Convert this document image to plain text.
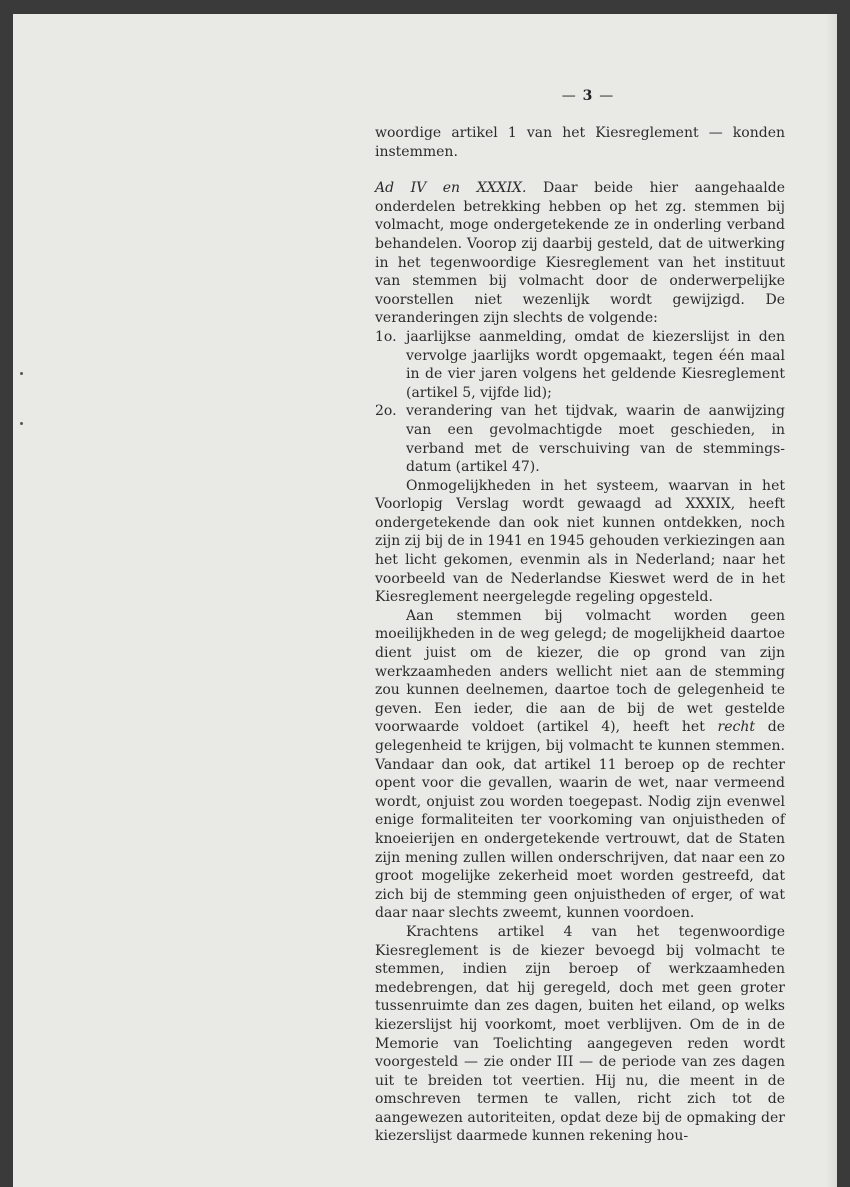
— 3 —

woordige artikel 1 van het Kiesreglement — konden instemmen.

Ad IV en XXXIX. Daar beide hier aangehaalde onderdelen betrekking hebben op het zg. stemmen bij volmacht, moge ondergetekende ze in onderling verband behandelen. Voorop zij daarbij gesteld, dat de uitwerking in het tegenwoordige Kiesreglement van het instituut van stemmen bij volmacht door de onderwerpelijke voorstellen niet wezenlijk wordt gewijzigd. De veranderingen zijn slechts de volgende:

1o. jaarlijkse aanmelding, omdat de kiezerslijst in den vervolge jaarlijks wordt opgemaakt, tegen één maal in de vier jaren volgens het geldende Kiesreglement (artikel 5, vijfde lid);
2o. verandering van het tijdvak, waarin de aanwijzing van een gevolmachtigde moet geschieden, in verband met de verschuiving van de stemmings-datum (artikel 47).

Onmogelijkheden in het systeem, waarvan in het Voorlopig Verslag wordt gewaagd ad XXXIX, heeft ondergetekende dan ook niet kunnen ontdekken, noch zijn zij bij de in 1941 en 1945 gehouden verkiezingen aan het licht gekomen, evenmin als in Nederland; naar het voorbeeld van de Nederlandse Kieswet werd de in het Kiesreglement neergelegde regeling opgesteld.

Aan stemmen bij volmacht worden geen moeilijkheden in de weg gelegd; de mogelijkheid daartoe dient juist om de kiezer, die op grond van zijn werkzaamheden anders wellicht niet aan de stemming zou kunnen deelnemen, daartoe toch de gelegenheid te geven. Een ieder, die aan de bij de wet gestelde voorwaarde voldoet (artikel 4), heeft het recht de gelegenheid te krijgen, bij volmacht te kunnen stemmen. Vandaar dan ook, dat artikel 11 beroep op de rechter opent voor die gevallen, waarin de wet, naar vermeend wordt, onjuist zou worden toegepast. Nodig zijn evenwel enige formaliteiten ter voorkoming van onjuistheden of knoeierijen en ondergetekende vertrouwt, dat de Staten zijn mening zullen willen onderschrijven, dat naar een zo groot mogelijke zekerheid moet worden gestreefd, dat zich bij de stemming geen onjuistheden of erger, of wat daar naar slechts zweemt, kunnen voordoen.

Krachtens artikel 4 van het tegenwoordige Kiesreglement is de kiezer bevoegd bij volmacht te stemmen, indien zijn beroep of werkzaamheden medebrengen, dat hij geregeld, doch met geen groter tussenruimte dan zes dagen, buiten het eiland, op welks kiezerslijst hij voorkomt, moet verblijven. Om de in de Memorie van Toelichting aangegeven reden wordt voorgesteld — zie onder III — de periode van zes dagen uit te breiden tot veertien. Hij nu, die meent in de omschreven termen te vallen, richt zich tot de aangewezen autoriteiten, opdat deze bij de opmaking der kiezerslijst daarmede kunnen rekening hou-
